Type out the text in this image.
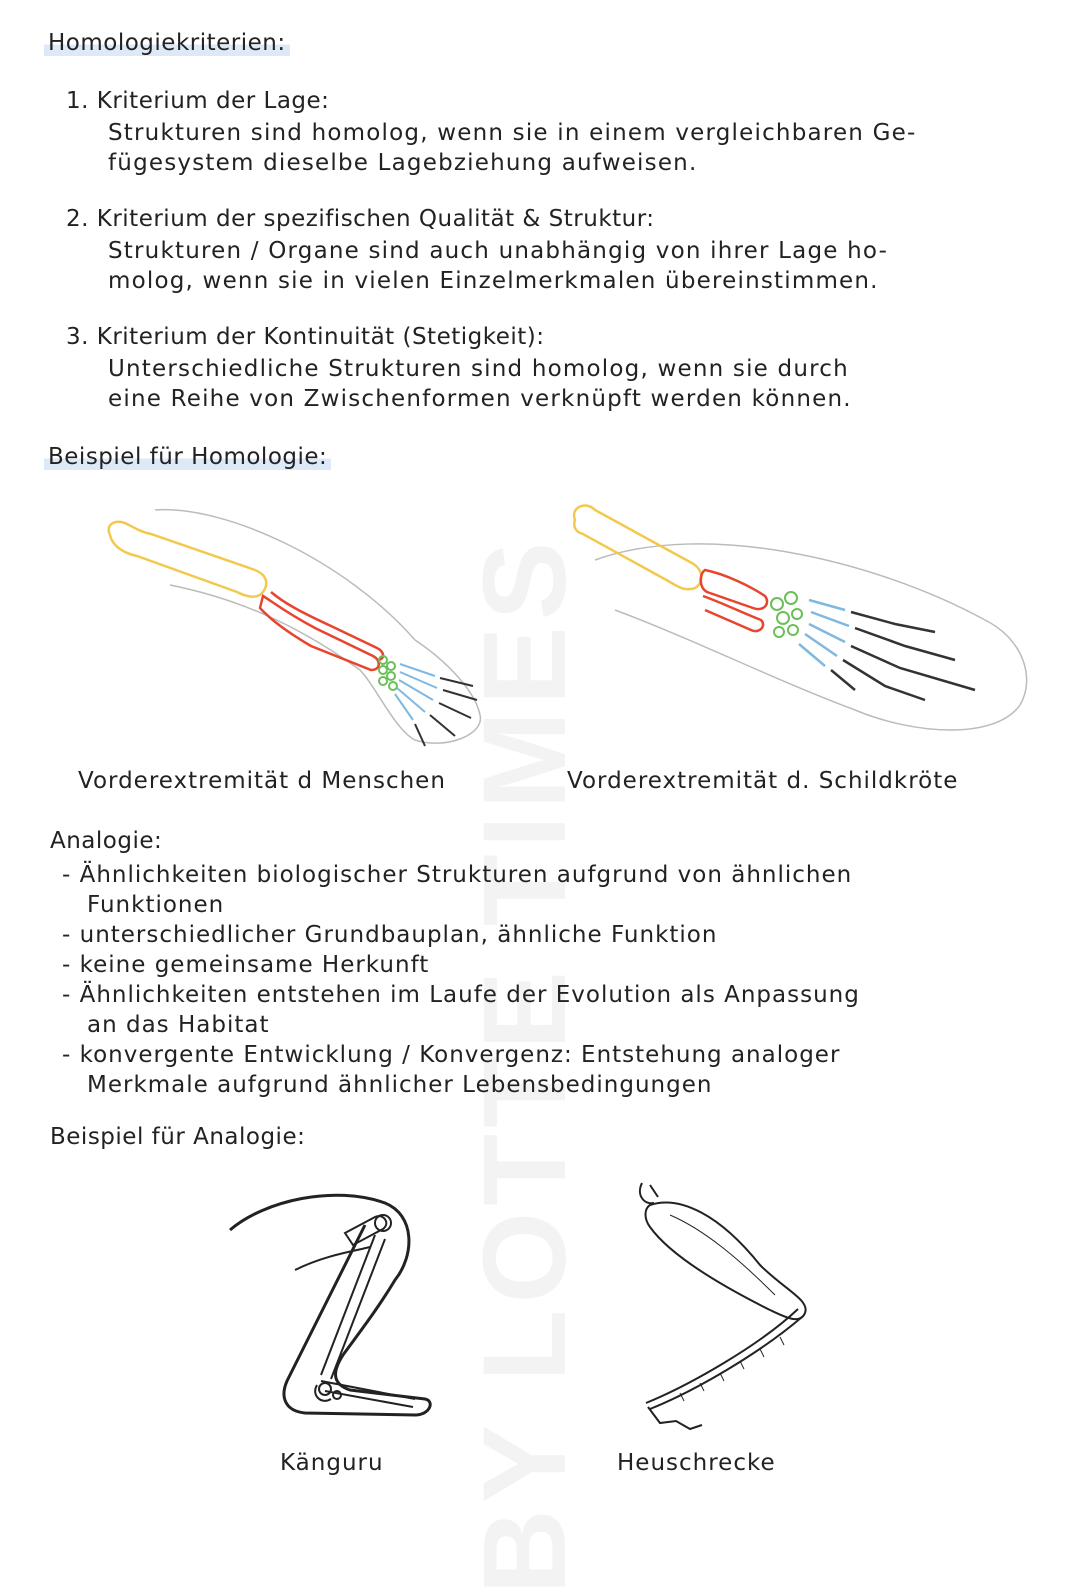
Homologiekriterien:
1. Kriterium der Lage:
Strukturen sind homolog, wenn sie in einem vergleichbaren Ge-
fügesystem dieselbe Lagebziehung aufweisen.
2. Kriterium der spezifischen Qualität & Struktur:
Strukturen / Organe sind auch unabhängig von ihrer Lage ho-
molog, wenn sie in vielen Einzelmerkmalen übereinstimmen.
3. Kriterium der Kontinuität (Stetigkeit):
Unterschiedliche Strukturen sind homolog, wenn sie durch
eine Reihe von Zwischenformen verknüpft werden können.
Beispiel für Homologie:
Vorderextremität d Menschen	Vorderextremität d. Schildkröte
Analogie:
- Ähnlichkeiten biologischer Strukturen aufgrund von ähnlichen
Funktionen
- unterschiedlicher Grundbauplan, ähnliche Funktion
- keine gemeinsame Herkunft
- Ähnlichkeiten entstehen im Laufe der Evolution als Anpassung
an das Habitat
- konvergente Entwicklung / Konvergenz: Entstehung analoger
Merkmale aufgrund ähnlicher Lebensbedingungen
Beispiel für Analogie:
Känguru	Heuschrecke
